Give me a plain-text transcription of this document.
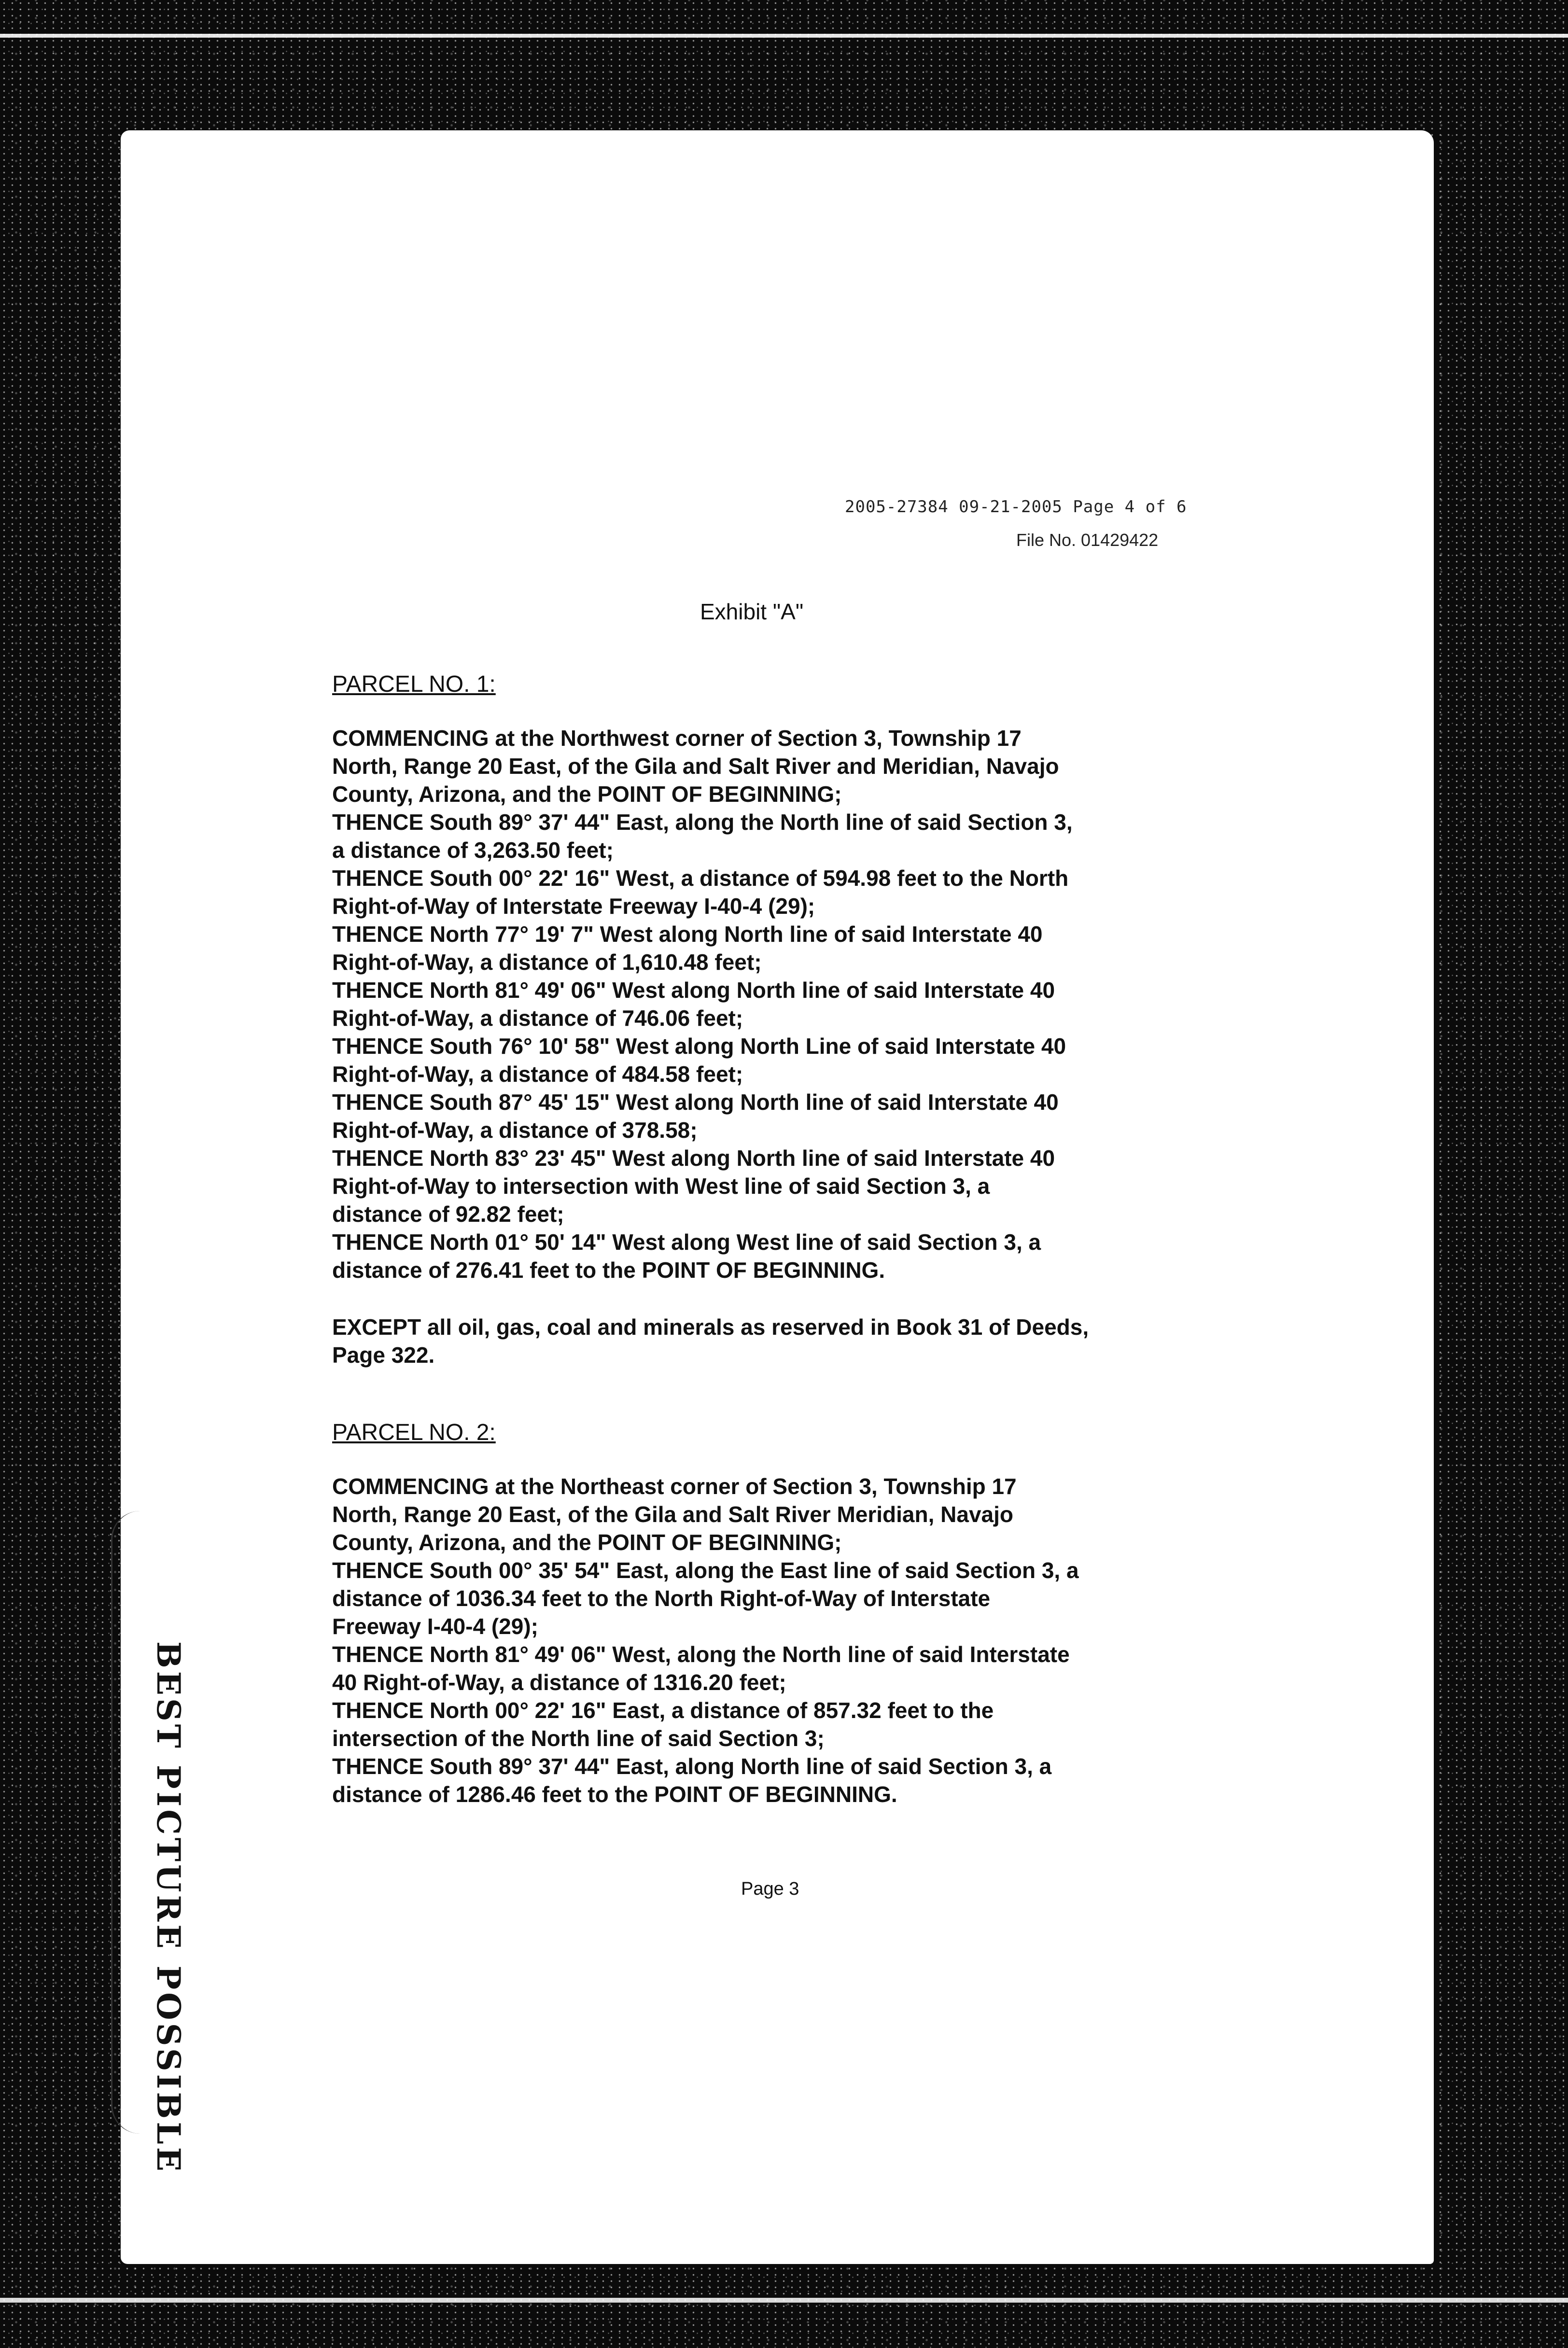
2005-27384 09-21-2005 Page 4 of 6
File No. 01429422
Exhibit "A"
PARCEL NO. 1:
COMMENCING at the Northwest corner of Section 3, Township 17
North, Range 20 East, of the Gila and Salt River and Meridian, Navajo
County, Arizona, and the POINT OF BEGINNING;
THENCE South 89° 37' 44" East, along the North line of said Section 3,
a distance of 3,263.50 feet;
THENCE South 00° 22' 16" West, a distance of 594.98 feet to the North
Right-of-Way of Interstate Freeway I-40-4 (29);
THENCE North 77° 19' 7" West along North line of said Interstate 40
Right-of-Way, a distance of 1,610.48 feet;
THENCE North 81° 49' 06" West along North line of said Interstate 40
Right-of-Way, a distance of 746.06 feet;
THENCE South 76° 10' 58" West along North Line of said Interstate 40
Right-of-Way, a distance of 484.58 feet;
THENCE South 87° 45' 15" West along North line of said Interstate 40
Right-of-Way, a distance of 378.58;
THENCE North 83° 23' 45" West along North line of said Interstate 40
Right-of-Way to intersection with West line of said Section 3, a
distance of 92.82 feet;
THENCE North 01° 50' 14" West along West line of said Section 3, a
distance of 276.41 feet to the POINT OF BEGINNING.
EXCEPT all oil, gas, coal and minerals as reserved in Book 31 of Deeds,
Page 322.
PARCEL NO. 2:
COMMENCING at the Northeast corner of Section 3, Township 17
North, Range 20 East, of the Gila and Salt River Meridian, Navajo
County, Arizona, and the POINT OF BEGINNING;
THENCE South 00° 35' 54" East, along the East line of said Section 3, a
distance of 1036.34 feet to the North Right-of-Way of Interstate
Freeway I-40-4 (29);
THENCE North 81° 49' 06" West, along the North line of said Interstate
40 Right-of-Way, a distance of 1316.20 feet;
THENCE North 00° 22' 16" East, a distance of 857.32 feet to the
intersection of the North line of said Section 3;
THENCE South 89° 37' 44" East, along North line of said Section 3, a
distance of 1286.46 feet to the POINT OF BEGINNING.
Page 3
BEST PICTURE POSSIBLE
